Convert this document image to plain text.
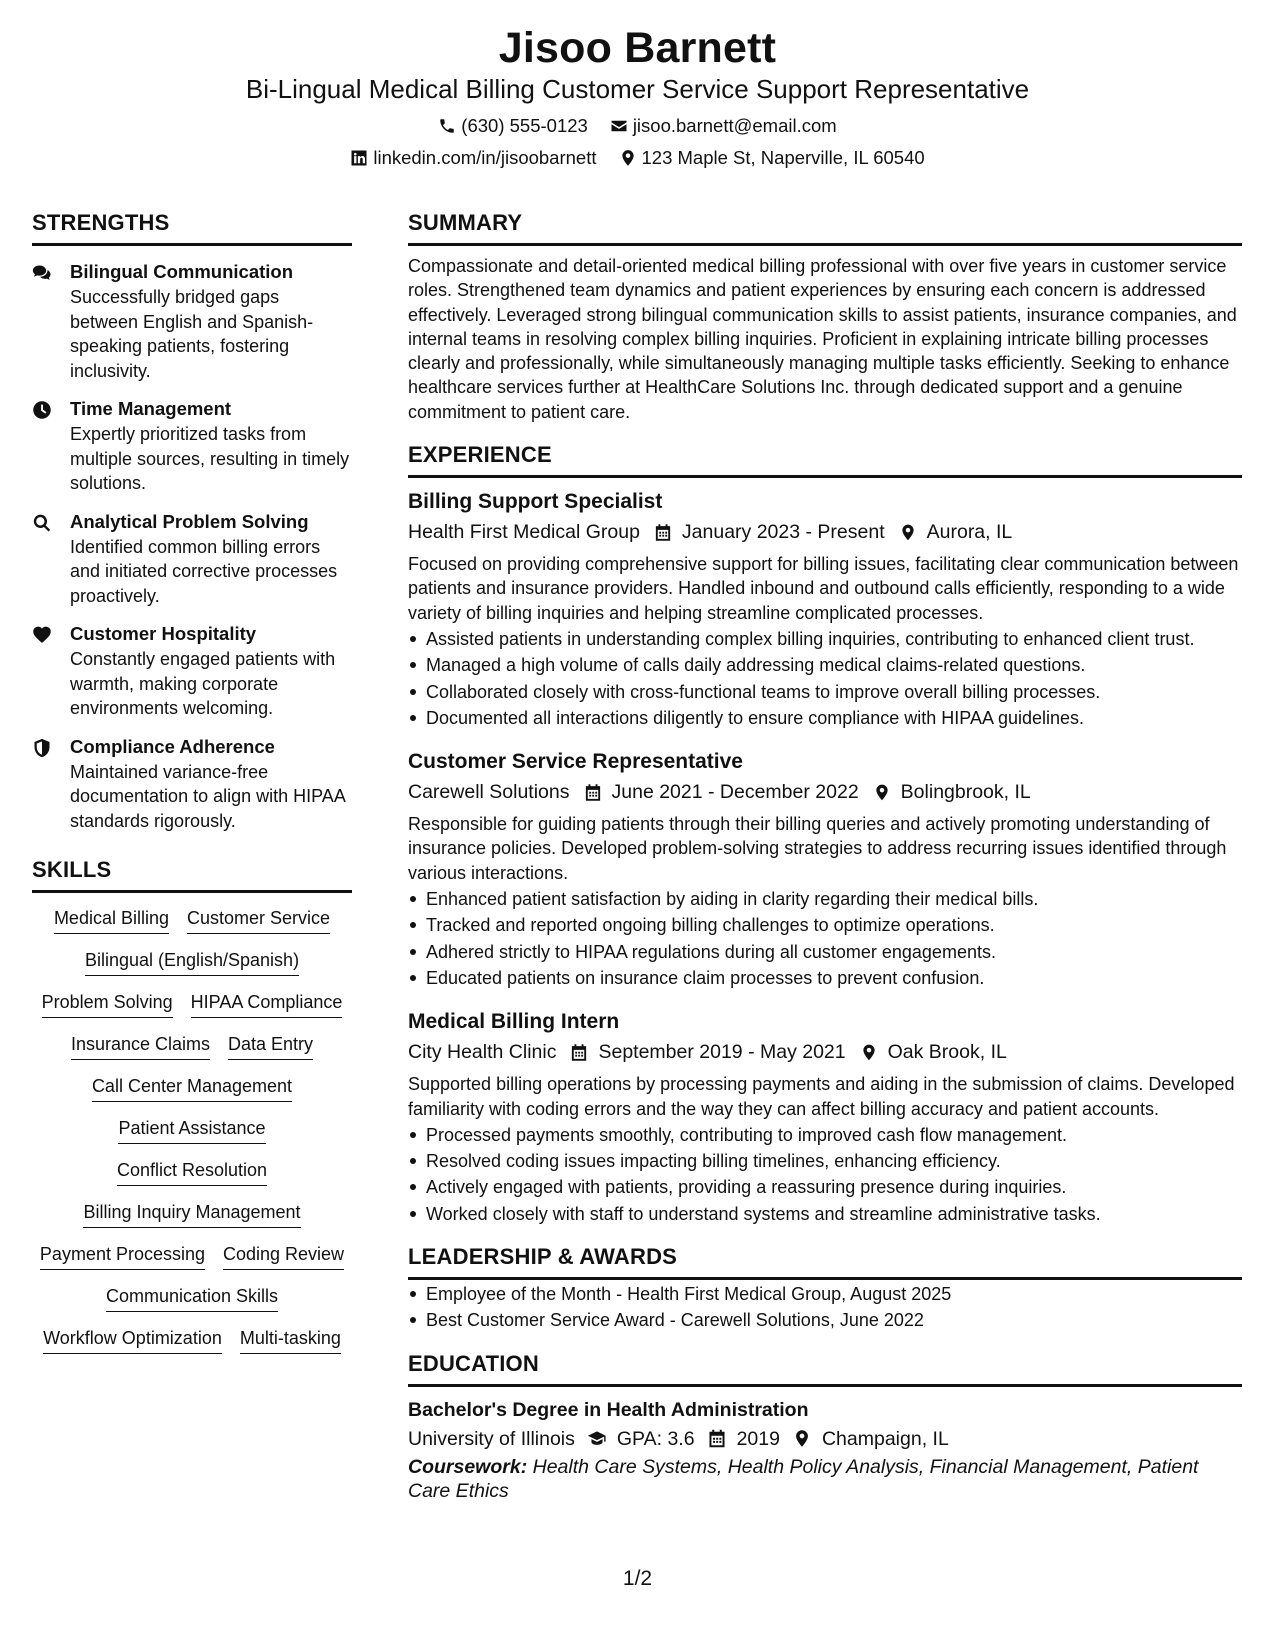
Jisoo Barnett
Bi-Lingual Medical Billing Customer Service Support Representative
(630) 555-0123 jisoo.barnett@email.com
linkedin.com/in/jisoobarnett 123 Maple St, Naperville, IL 60540
STRENGTHS
Bilingual Communication
Successfully bridged gaps between English and Spanish-speaking patients, fostering inclusivity.
Time Management
Expertly prioritized tasks from multiple sources, resulting in timely solutions.
Analytical Problem Solving
Identified common billing errors and initiated corrective processes proactively.
Customer Hospitality
Constantly engaged patients with warmth, making corporate environments welcoming.
Compliance Adherence
Maintained variance-free documentation to align with HIPAA standards rigorously.
SKILLS
Medical Billing Customer Service
Bilingual (English/Spanish)
Problem Solving HIPAA Compliance
Insurance Claims Data Entry
Call Center Management
Patient Assistance
Conflict Resolution
Billing Inquiry Management
Payment Processing Coding Review
Communication Skills
Workflow Optimization Multi-tasking
SUMMARY
Compassionate and detail-oriented medical billing professional with over five years in customer service roles. Strengthened team dynamics and patient experiences by ensuring each concern is addressed effectively. Leveraged strong bilingual communication skills to assist patients, insurance companies, and internal teams in resolving complex billing inquiries. Proficient in explaining intricate billing processes clearly and professionally, while simultaneously managing multiple tasks efficiently. Seeking to enhance healthcare services further at HealthCare Solutions Inc. through dedicated support and a genuine commitment to patient care.
EXPERIENCE
Billing Support Specialist
Health First Medical Group January 2023 - Present Aurora, IL
Focused on providing comprehensive support for billing issues, facilitating clear communication between patients and insurance providers. Handled inbound and outbound calls efficiently, responding to a wide variety of billing inquiries and helping streamline complicated processes.
Assisted patients in understanding complex billing inquiries, contributing to enhanced client trust.
Managed a high volume of calls daily addressing medical claims-related questions.
Collaborated closely with cross-functional teams to improve overall billing processes.
Documented all interactions diligently to ensure compliance with HIPAA guidelines.
Customer Service Representative
Carewell Solutions June 2021 - December 2022 Bolingbrook, IL
Responsible for guiding patients through their billing queries and actively promoting understanding of insurance policies. Developed problem-solving strategies to address recurring issues identified through various interactions.
Enhanced patient satisfaction by aiding in clarity regarding their medical bills.
Tracked and reported ongoing billing challenges to optimize operations.
Adhered strictly to HIPAA regulations during all customer engagements.
Educated patients on insurance claim processes to prevent confusion.
Medical Billing Intern
City Health Clinic September 2019 - May 2021 Oak Brook, IL
Supported billing operations by processing payments and aiding in the submission of claims. Developed familiarity with coding errors and the way they can affect billing accuracy and patient accounts.
Processed payments smoothly, contributing to improved cash flow management.
Resolved coding issues impacting billing timelines, enhancing efficiency.
Actively engaged with patients, providing a reassuring presence during inquiries.
Worked closely with staff to understand systems and streamline administrative tasks.
LEADERSHIP & AWARDS
Employee of the Month - Health First Medical Group, August 2025
Best Customer Service Award - Carewell Solutions, June 2022
EDUCATION
Bachelor's Degree in Health Administration
University of Illinois GPA: 3.6 2019 Champaign, IL
Coursework: Health Care Systems, Health Policy Analysis, Financial Management, Patient Care Ethics
1/2
